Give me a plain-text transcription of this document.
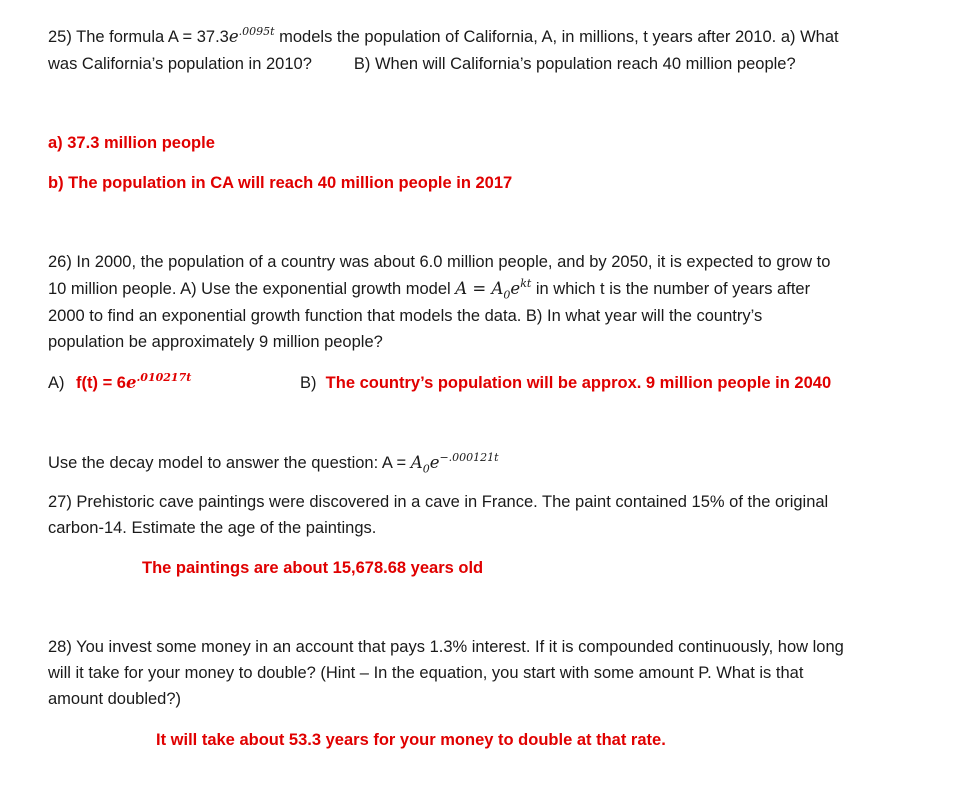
25) The formula $A = 37.3e^{.0095t}$ models the population of California, A, in millions, t years after 2010. a) What
was California’s population in 2010?	B) When will California’s population reach 40 million people?
a) 37.3 million people
b) The population in CA will reach 40 million people in 2017
26) In 2000, the population of a country was about 6.0 million people, and by 2050, it is expected to grow to
10 million people. A) Use the exponential growth model $A = A_0e^{kt}$ in which t is the number of years after
2000 to find an exponential growth function that models the data. B) In what year will the country’s
population be approximately 9 million people?
A) $f(t) = 6e^{.010217t}$	B) The country’s population will be approx. 9 million people in 2040
Use the decay model to answer the question: $A = A_0e^{-.000121t}$
27) Prehistoric cave paintings were discovered in a cave in France. The paint contained 15% of the original
carbon-14. Estimate the age of the paintings.
The paintings are about 15,678.68 years old
28) You invest some money in an account that pays 1.3% interest. If it is compounded continuously, how long
will it take for your money to double? (Hint – In the equation, you start with some amount P. What is that
amount doubled?)
It will take about 53.3 years for your money to double at that rate.
